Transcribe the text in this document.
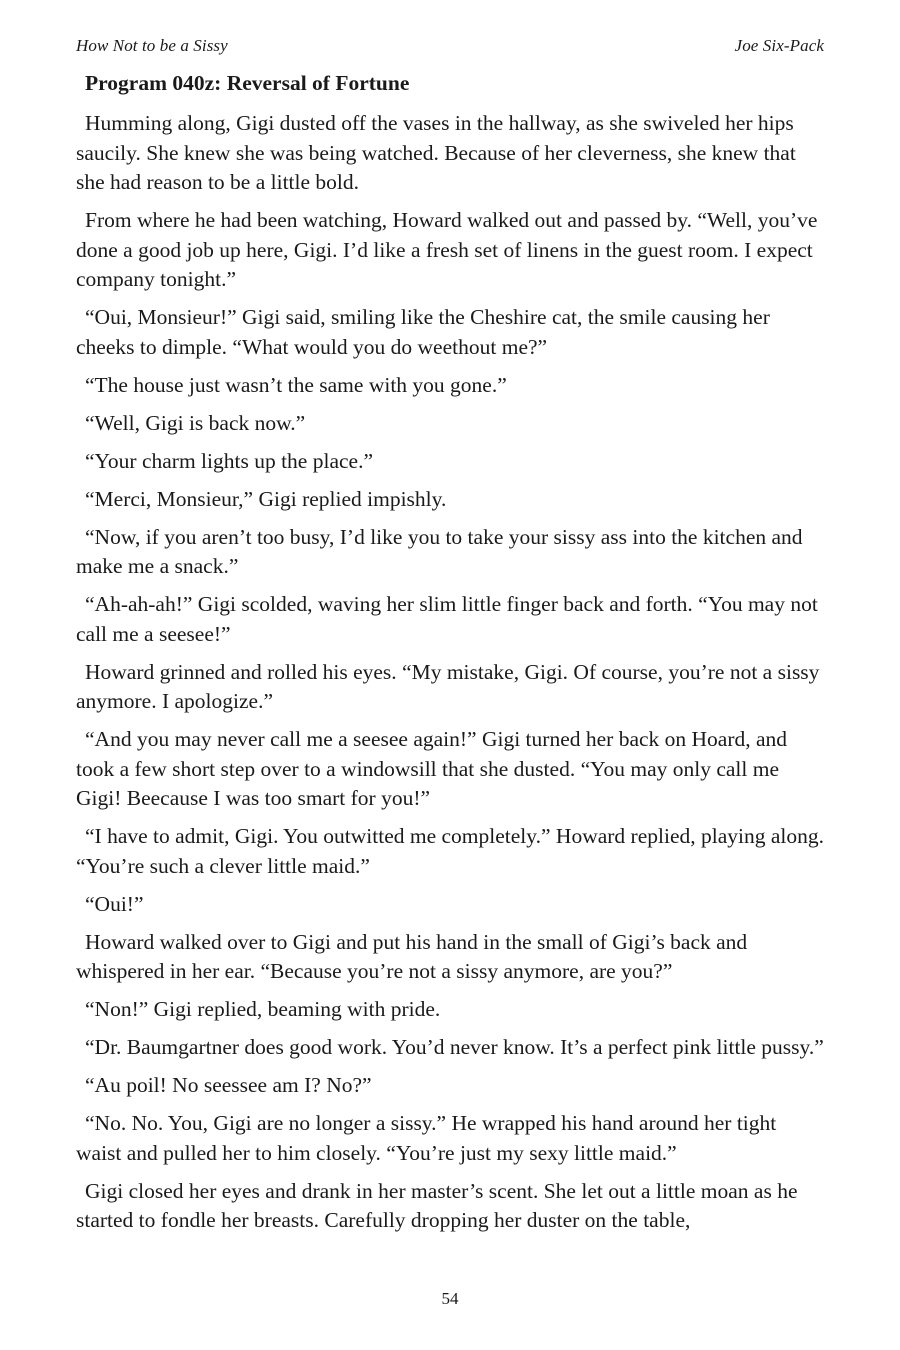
How Not to be a Sissy	Joe Six-Pack
Program 040z: Reversal of Fortune

Humming along, Gigi dusted off the vases in the hallway, as she swiveled her hips saucily. She knew she was being watched. Because of her cleverness, she knew that she had reason to be a little bold.

From where he had been watching, Howard walked out and passed by. “Well, you’ve done a good job up here, Gigi. I’d like a fresh set of linens in the guest room. I expect company tonight.”

“Oui, Monsieur!” Gigi said, smiling like the Cheshire cat, the smile causing her cheeks to dimple. “What would you do weethout me?”

“The house just wasn’t the same with you gone.”

“Well, Gigi is back now.”

“Your charm lights up the place.”

“Merci, Monsieur,” Gigi replied impishly.

“Now, if you aren’t too busy, I’d like you to take your sissy ass into the kitchen and make me a snack.”

“Ah-ah-ah!” Gigi scolded, waving her slim little finger back and forth. “You may not call me a seesee!”

Howard grinned and rolled his eyes. “My mistake, Gigi. Of course, you’re not a sissy anymore. I apologize.”

“And you may never call me a seesee again!” Gigi turned her back on Hoard, and took a few short step over to a windowsill that she dusted. “You may only call me Gigi! Beecause I was too smart for you!”

“I have to admit, Gigi. You outwitted me completely.” Howard replied, playing along. “You’re such a clever little maid.”

“Oui!”

Howard walked over to Gigi and put his hand in the small of Gigi’s back and whispered in her ear. “Because you’re not a sissy anymore, are you?”

“Non!” Gigi replied, beaming with pride.

“Dr. Baumgartner does good work. You’d never know. It’s a perfect pink little pussy.”

“Au poil! No seessee am I? No?”

“No. No. You, Gigi are no longer a sissy.” He wrapped his hand around her tight waist and pulled her to him closely. “You’re just my sexy little maid.”

Gigi closed her eyes and drank in her master’s scent. She let out a little moan as he started to fondle her breasts. Carefully dropping her duster on the table,

54
